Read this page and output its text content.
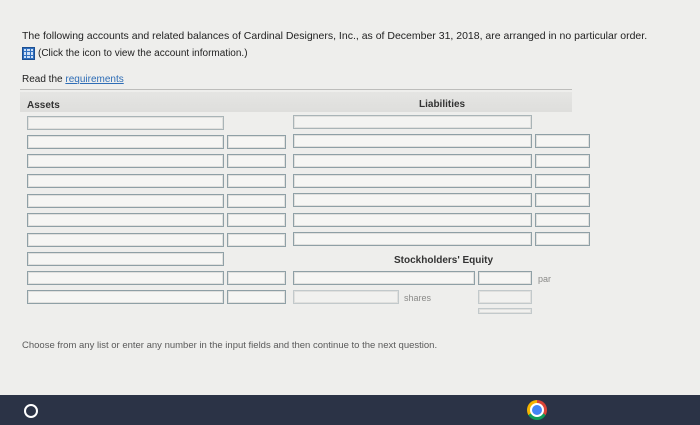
The following accounts and related balances of Cardinal Designers, Inc., as of December 31, 2018, are arranged in no particular order.
(Click the icon to view the account information.)
Read the requirements
Assets	Liabilities
Stockholders' Equity
par
shares
Choose from any list or enter any number in the input fields and then continue to the next question.
